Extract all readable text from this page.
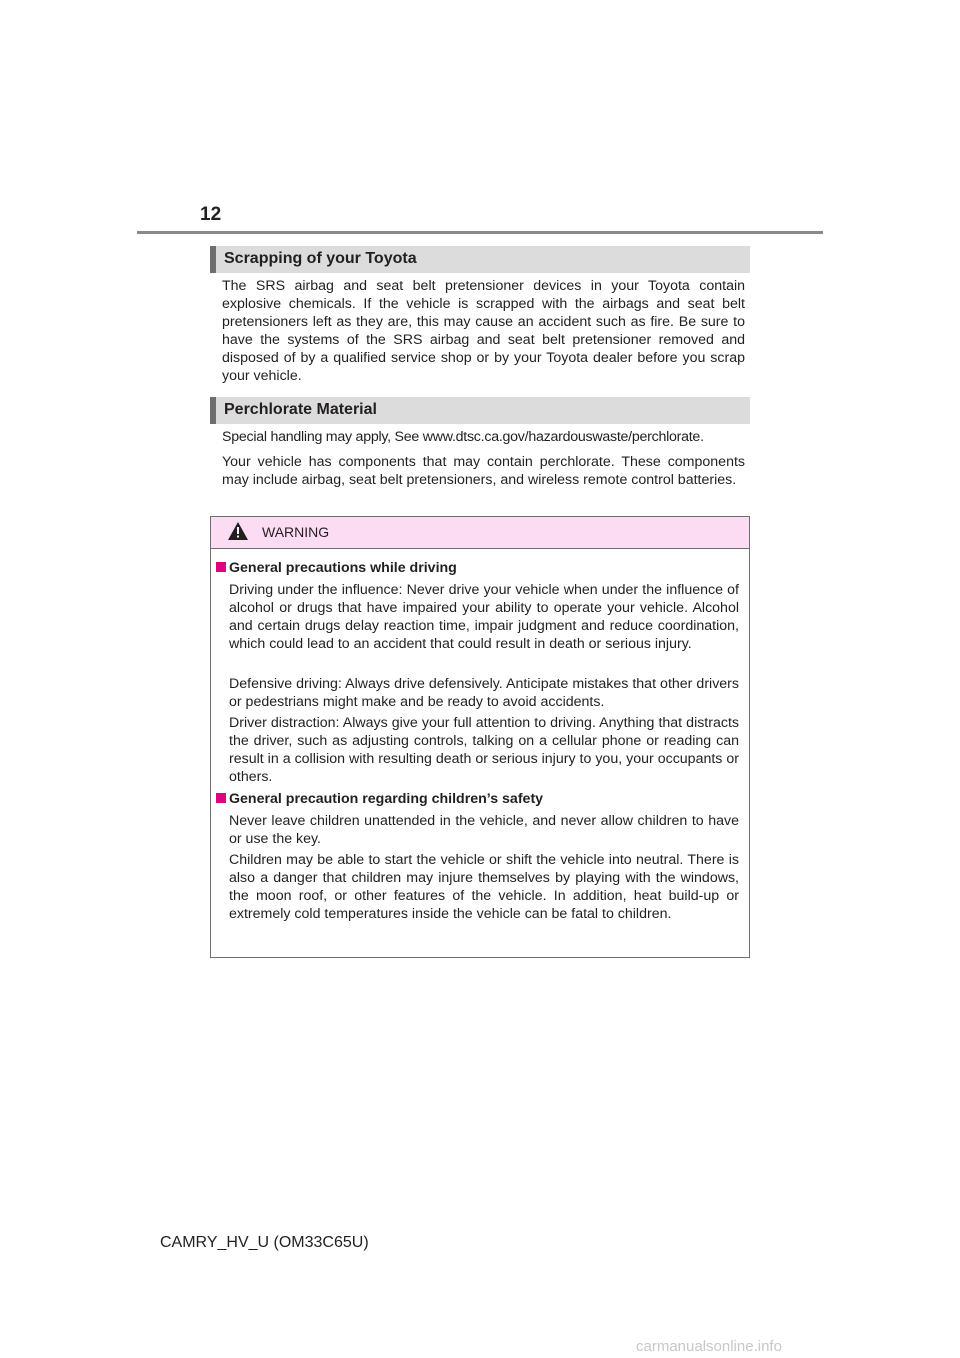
12
Scrapping of your Toyota

The SRS airbag and seat belt pretensioner devices in your Toyota contain explosive chemicals. If the vehicle is scrapped with the airbags and seat belt pretensioners left as they are, this may cause an accident such as fire. Be sure to have the systems of the SRS airbag and seat belt pretensioner removed and disposed of by a qualified service shop or by your Toyota dealer before you scrap your vehicle.

Perchlorate Material

Special handling may apply, See www.dtsc.ca.gov/hazardouswaste/perchlorate.

Your vehicle has components that may contain perchlorate. These components may include airbag, seat belt pretensioners, and wireless remote control batteries.

WARNING
General precautions while driving

Driving under the influence: Never drive your vehicle when under the influence of alcohol or drugs that have impaired your ability to operate your vehicle. Alcohol and certain drugs delay reaction time, impair judgment and reduce coordination, which could lead to an accident that could result in death or serious injury.

Defensive driving: Always drive defensively. Anticipate mistakes that other drivers or pedestrians might make and be ready to avoid accidents.

Driver distraction: Always give your full attention to driving. Anything that distracts the driver, such as adjusting controls, talking on a cellular phone or reading can result in a collision with resulting death or serious injury to you, your occupants or others.

General precaution regarding children’s safety

Never leave children unattended in the vehicle, and never allow children to have or use the key.

Children may be able to start the vehicle or shift the vehicle into neutral. There is also a danger that children may injure themselves by playing with the windows, the moon roof, or other features of the vehicle. In addition, heat build-up or extremely cold temperatures inside the vehicle can be fatal to children.

CAMRY_HV_U (OM33C65U)
carmanualsonline.info
